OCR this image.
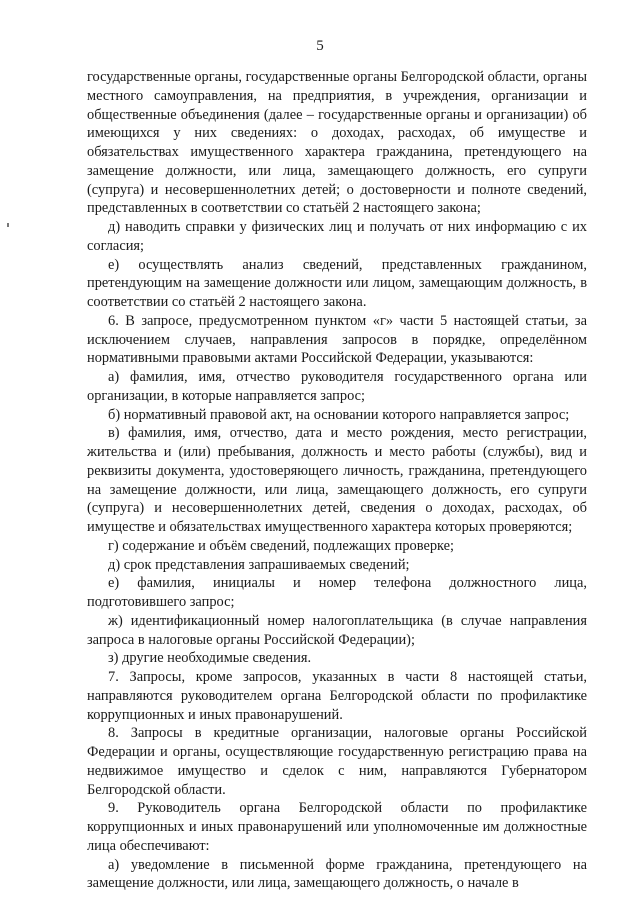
5

государственные органы, государственные органы Белгородской области, органы местного самоуправления, на предприятия, в учреждения, организации и общественные объединения (далее – государственные органы и организации) об имеющихся у них сведениях: о доходах, расходах, об имуществе и обязательствах имущественного характера гражданина, претендующего на замещение должности, или лица, замещающего должность, его супруги (супруга) и несовершеннолетних детей; о достоверности и полноте сведений, представленных в соответствии со статьёй 2 настоящего закона;

д) наводить справки у физических лиц и получать от них информацию с их согласия;

е) осуществлять анализ сведений, представленных гражданином, претендующим на замещение должности или лицом, замещающим должность, в соответствии со статьёй 2 настоящего закона.

6. В запросе, предусмотренном пунктом «г» части 5 настоящей статьи, за исключением случаев, направления запросов в порядке, определённом нормативными правовыми актами Российской Федерации, указываются:

а) фамилия, имя, отчество руководителя государственного органа или организации, в которые направляется запрос;

б) нормативный правовой акт, на основании которого направляется запрос;

в) фамилия, имя, отчество, дата и место рождения, место регистрации, жительства и (или) пребывания, должность и место работы (службы), вид и реквизиты документа, удостоверяющего личность, гражданина, претендующего на замещение должности, или лица, замещающего должность, его супруги (супруга) и несовершеннолетних детей, сведения о доходах, расходах, об имуществе и обязательствах имущественного характера которых проверяются;

г) содержание и объём сведений, подлежащих проверке;

д) срок представления запрашиваемых сведений;

е) фамилия, инициалы и номер телефона должностного лица, подготовившего запрос;

ж) идентификационный номер налогоплательщика (в случае направления запроса в налоговые органы Российской Федерации);

з) другие необходимые сведения.

7. Запросы, кроме запросов, указанных в части 8 настоящей статьи, направляются руководителем органа Белгородской области по профилактике коррупционных и иных правонарушений.

8. Запросы в кредитные организации, налоговые органы Российской Федерации и органы, осуществляющие государственную регистрацию права на недвижимое имущество и сделок с ним, направляются Губернатором Белгородской области.

9. Руководитель органа Белгородской области по профилактике коррупционных и иных правонарушений или уполномоченные им должностные лица обеспечивают:

а) уведомление в письменной форме гражданина, претендующего на замещение должности, или лица, замещающего должность, о начале в
